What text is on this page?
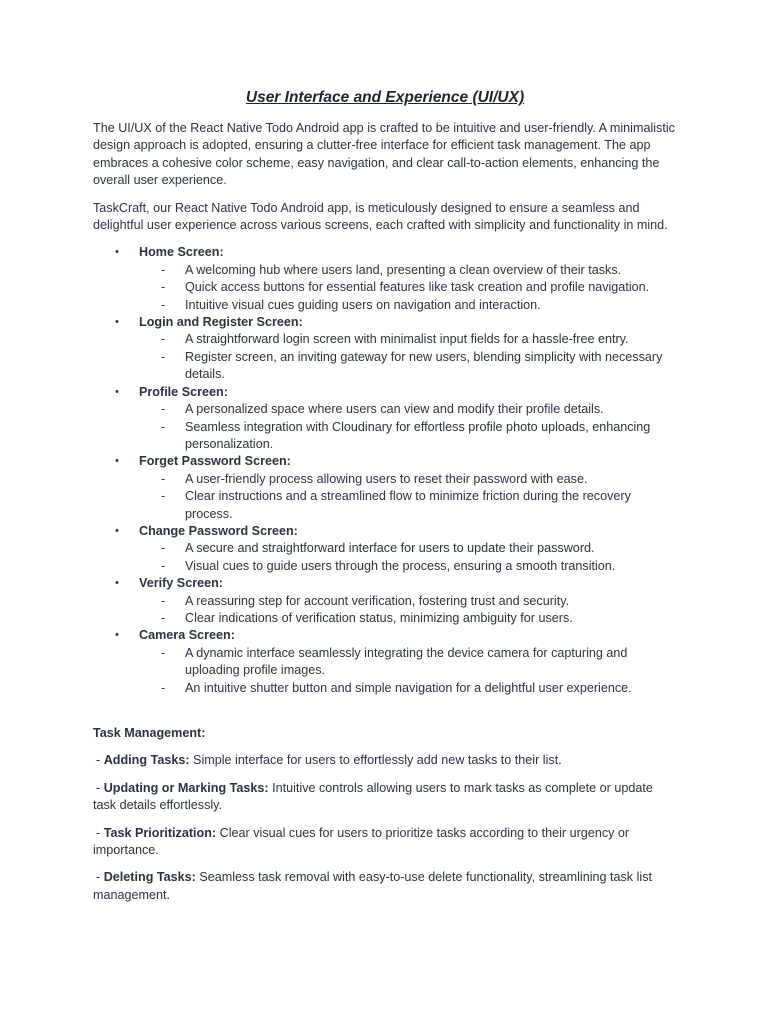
User Interface and Experience (UI/UX)

The UI/UX of the React Native Todo Android app is crafted to be intuitive and user-friendly. A minimalistic design approach is adopted, ensuring a clutter-free interface for efficient task management. The app embraces a cohesive color scheme, easy navigation, and clear call-to-action elements, enhancing the overall user experience.

TaskCraft, our React Native Todo Android app, is meticulously designed to ensure a seamless and delightful user experience across various screens, each crafted with simplicity and functionality in mind.

• Home Screen:
- A welcoming hub where users land, presenting a clean overview of their tasks.
- Quick access buttons for essential features like task creation and profile navigation.
- Intuitive visual cues guiding users on navigation and interaction.
• Login and Register Screen:
- A straightforward login screen with minimalist input fields for a hassle-free entry.
- Register screen, an inviting gateway for new users, blending simplicity with necessary details.
• Profile Screen:
- A personalized space where users can view and modify their profile details.
- Seamless integration with Cloudinary for effortless profile photo uploads, enhancing personalization.
• Forget Password Screen:
- A user-friendly process allowing users to reset their password with ease.
- Clear instructions and a streamlined flow to minimize friction during the recovery process.
• Change Password Screen:
- A secure and straightforward interface for users to update their password.
- Visual cues to guide users through the process, ensuring a smooth transition.
• Verify Screen:
- A reassuring step for account verification, fostering trust and security.
- Clear indications of verification status, minimizing ambiguity for users.
• Camera Screen:
- A dynamic interface seamlessly integrating the device camera for capturing and uploading profile images.
- An intuitive shutter button and simple navigation for a delightful user experience.
Task Management:
- Adding Tasks: Simple interface for users to effortlessly add new tasks to their list.
- Updating or Marking Tasks: Intuitive controls allowing users to mark tasks as complete or update task details effortlessly.
- Task Prioritization: Clear visual cues for users to prioritize tasks according to their urgency or importance.
- Deleting Tasks: Seamless task removal with easy-to-use delete functionality, streamlining task list management.
